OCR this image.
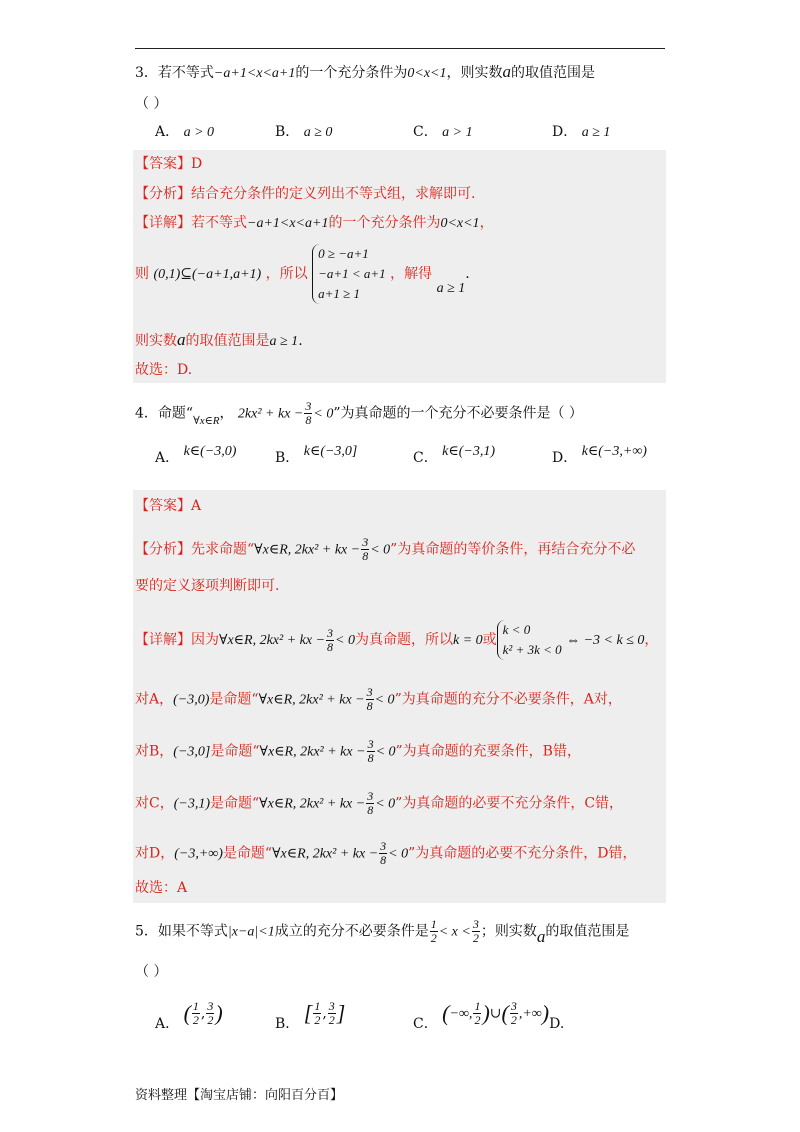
3．若不等式−a+1<x<a+1的一个充分条件为0<x<1，则实数a的取值范围是
（ ）
A． a > 0	B． a ≥ 0	C． a > 1	D． a ≥ 1
【答案】D
【分析】结合充分条件的定义列出不等式组，求解即可.
【详解】若不等式−a+1<x<a+1的一个充分条件为0<x<1，
则 (0,1)⊆(−a+1,a+1) ，所以
0 ≥ −a+1
−a+1 < a+1
a+1 ≥ 1
，解得 a ≥ 1.
则实数a的取值范围是a ≥ 1.
故选：D.
4．命题“$_{\forall x\in R}$， 2kx² + kx − $\frac{3}{8} < 0$”为真命题的一个充分不必要条件是（ ）
A． k∈(−3,0)	B． k∈(−3,0]	C． k∈(−3,1)	D． k∈(−3,+∞)
【答案】A
【分析】先求命题“∀x∈R, 2kx² + kx − $\frac{3}{8} < 0$”为真命题的等价条件，再结合充分不必
要的定义逐项判断即可.
【详解】因为∀x∈R, 2kx² + kx − $\frac{3}{8} < 0$为真命题，所以k = 0或
k < 0
k² + 3k < 0
⇔ −3 < k ≤ 0，
对A，(−3,0)是命题“∀x∈R, 2kx² + kx − $\frac{3}{8} < 0$”为真命题的充分不必要条件，A对，
对B，(−3,0]是命题“∀x∈R, 2kx² + kx − $\frac{3}{8} < 0$”为真命题的充要条件，B错，
对C，(−3,1)是命题“∀x∈R, 2kx² + kx − $\frac{3}{8} < 0$”为真命题的必要不充分条件，C错，
对D，(−3,+∞)是命题“∀x∈R, 2kx² + kx − $\frac{3}{8} < 0$”为真命题的必要不充分条件，D错，
故选：A
5．如果不等式|x−a|<1成立的充分不必要条件是 $\frac{1}{2} < x < \frac{3}{2}$ ；则实数a的取值范围是
（ ）
A． ( $\frac{1}{2}$ , $\frac{3}{2}$ )	B． [ $\frac{1}{2}$ , $\frac{3}{2}$ ]	C． (−∞, $\frac{1}{2}$ )∪( $\frac{3}{2} ,+\infty)D$.
资料整理【淘宝店铺：向阳百分百】
